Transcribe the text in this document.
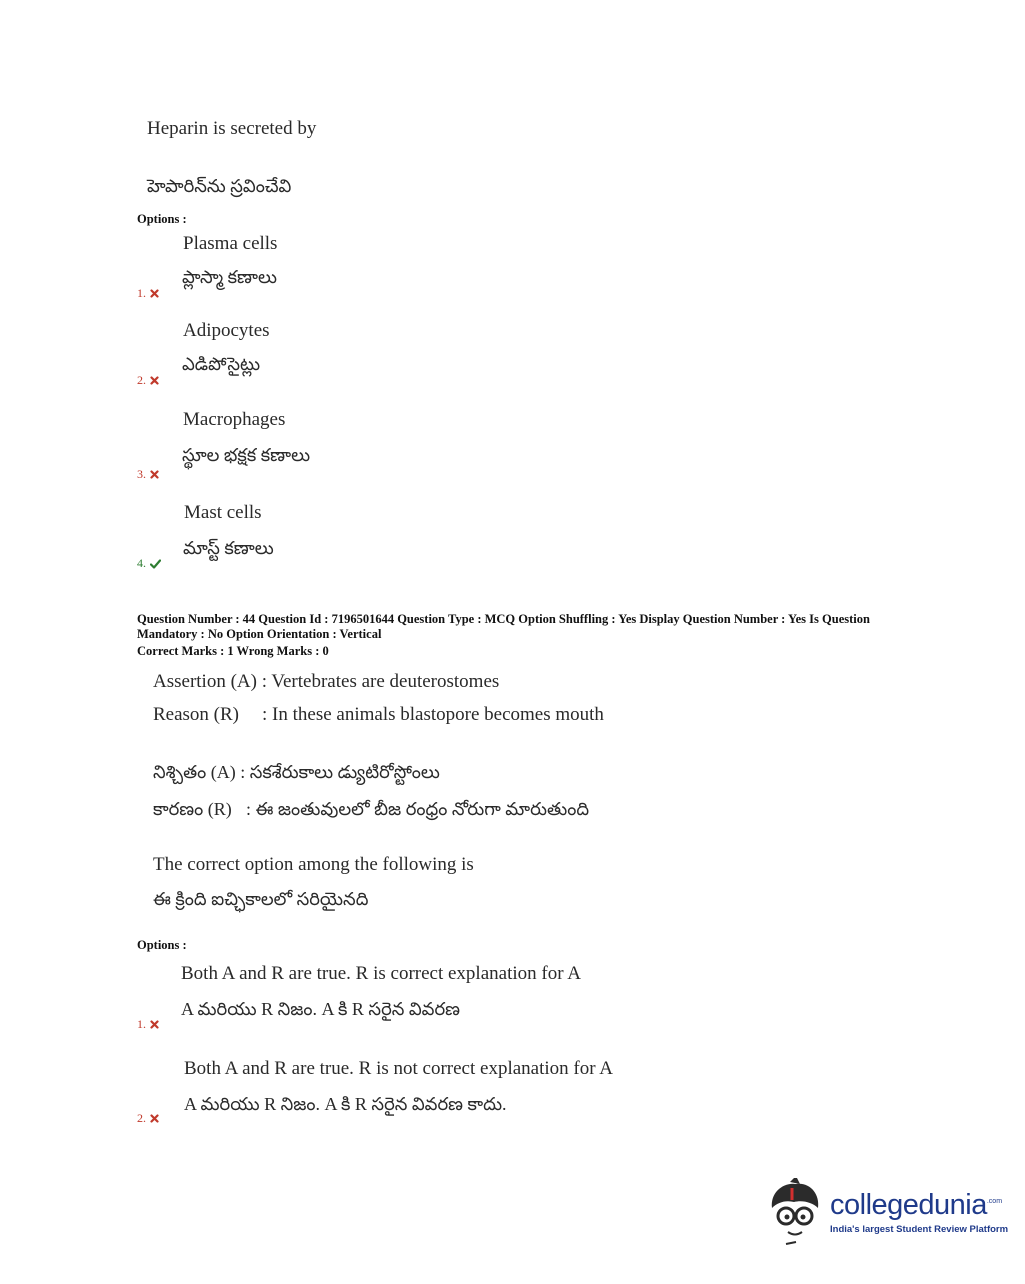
Heparin is secreted by
హెపారిన్‌ను స్రవించేవి
Options :
Plasma cells
ప్లాస్మా కణాలు
1.
Adipocytes
ఎడిపోసైట్లు
2.
Macrophages
స్థూల భక్షక కణాలు
3.
Mast cells
మాస్ట్ కణాలు
4.
Question Number : 44 Question Id : 7196501644 Question Type : MCQ Option Shuffling : Yes Display Question Number : Yes Is Question
Mandatory : No Option Orientation : Vertical
Correct Marks : 1 Wrong Marks : 0
Assertion (A) : Vertebrates are deuterostomes
Reason (R) : In these animals blastopore becomes mouth
నిశ్చితం (A) : సకశేరుకాలు డ్యుటిరోస్టోంలు
కారణం (R) : ఈ జంతువులలో బీజ రంధ్రం నోరుగా మారుతుంది
The correct option among the following is
ఈ క్రింది ఐచ్ఛికాలలో సరియైనది
Options :
Both A and R are true. R is correct explanation for A
A మరియు R నిజం. A కి R సరైన వివరణ
1.
Both A and R are true. R is not correct explanation for A
A మరియు R నిజం. A కి R సరైన వివరణ కాదు.
2.
collegedunia .com
India's largest Student Review Platform
